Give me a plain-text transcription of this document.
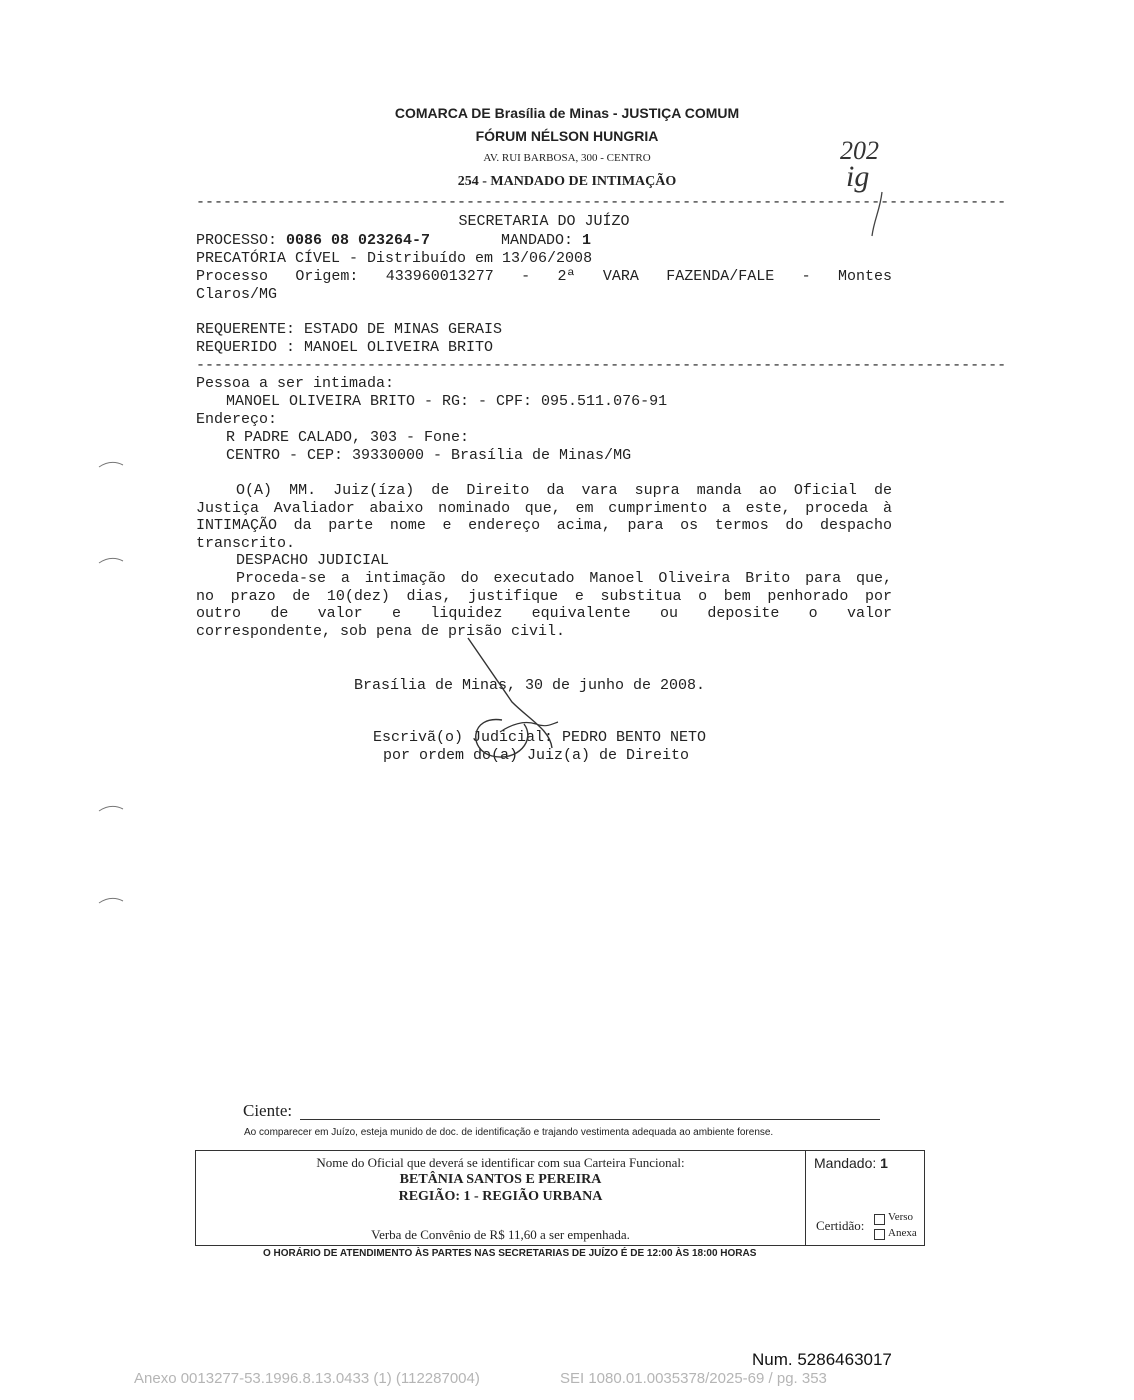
COMARCA DE Brasília de Minas - JUSTIÇA COMUM
FÓRUM NÉLSON HUNGRIA
AV. RUI BARBOSA, 300 - CENTRO
254 - MANDADO DE INTIMAÇÃO
202
ig
------------------------------------------------------------------------------------------
SECRETARIA DO JUÍZO
PROCESSO: 0086 08 023264-7	MANDADO: 1
PRECATÓRIA CÍVEL - Distribuído em 13/06/2008
Processo Origem: 433960013277 - 2ª VARA FAZENDA/FALE - Montes
Claros/MG
REQUERENTE: ESTADO DE MINAS GERAIS
REQUERIDO : MANOEL OLIVEIRA BRITO
------------------------------------------------------------------------------------------
Pessoa a ser intimada:
MANOEL OLIVEIRA BRITO - RG: - CPF: 095.511.076-91
Endereço:
R PADRE CALADO, 303 - Fone:
CENTRO - CEP: 39330000 - Brasília de Minas/MG
O(A) MM. Juiz(íza) de Direito da vara supra manda ao Oficial de
Justiça Avaliador abaixo nominado que, em cumprimento a este, proceda à
INTIMAÇÃO da parte nome e endereço acima, para os termos do despacho
transcrito.
DESPACHO JUDICIAL
Proceda-se a intimação do executado Manoel Oliveira Brito para que,
no prazo de 10(dez) dias, justifique e substitua o bem penhorado por
outro de valor e liquidez equivalente ou deposite o valor
correspondente, sob pena de prisão civil.
Brasília de Minas, 30 de junho de 2008.
Escrivã(o) Judicial: PEDRO BENTO NETO
por ordem do(a) Juiz(a) de Direito
Ciente:
Ao comparecer em Juízo, esteja munido de doc. de identificação e trajando vestimenta adequada ao ambiente forense.
Nome do Oficial que deverá se identificar com sua Carteira Funcional:
BETÂNIA SANTOS E PEREIRA
REGIÃO: 1 - REGIÃO URBANA
Verba de Convênio de R$ 11,60 a ser empenhada.
Mandado: 1
Certidão:
Verso
Anexa
O HORÁRIO DE ATENDIMENTO ÀS PARTES NAS SECRETARIAS DE JUÍZO É DE 12:00 ÀS 18:00 HORAS
Num. 5286463017
Anexo 0013277-53.1996.8.13.0433 (1) (112287004)	SEI 1080.01.0035378/2025-69 / pg. 353
